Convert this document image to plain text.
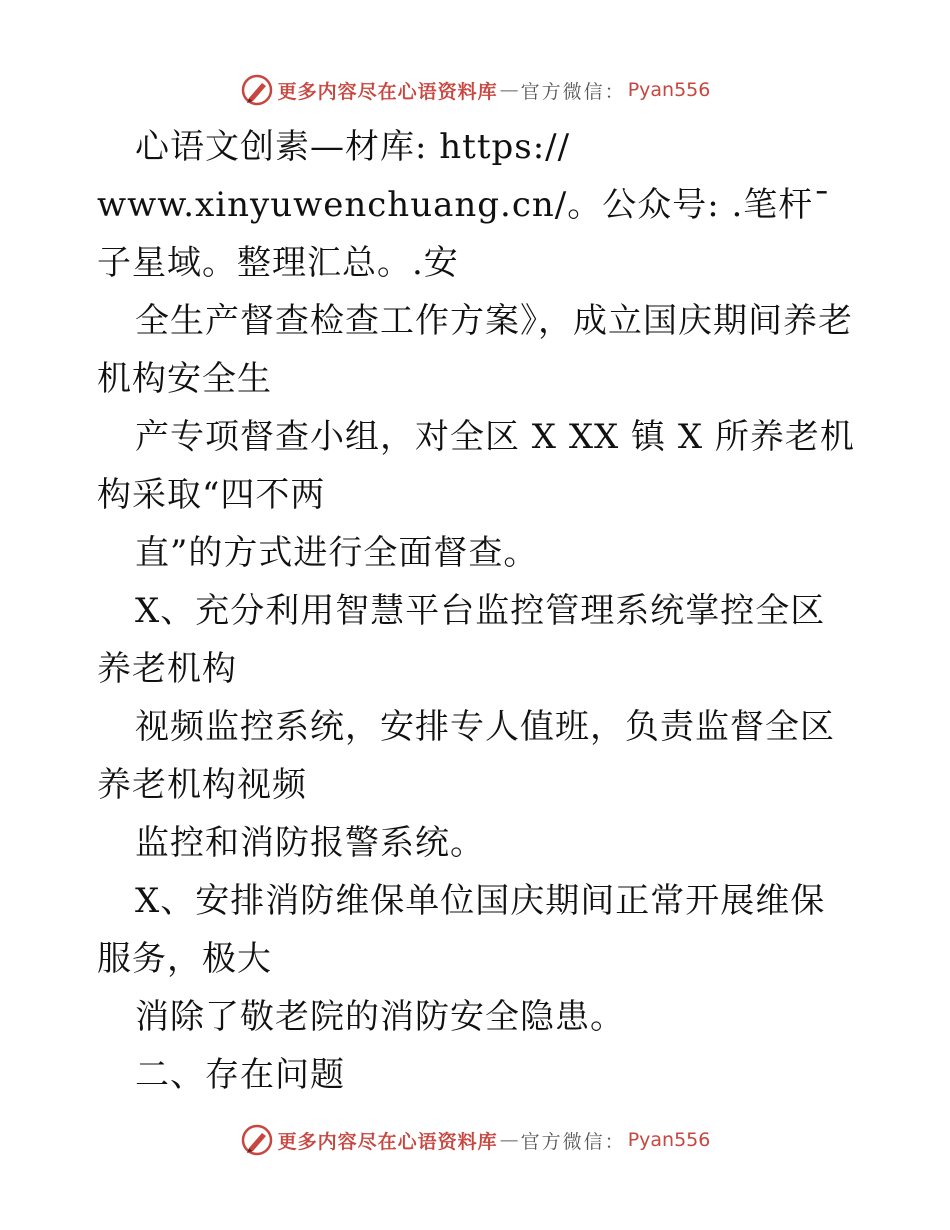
更多内容尽在心语资料库 — 官方微信： Pyan556

心语文创素—材库: https://

www.xinyuwenchuang.cn/。公众号: .笔杆¯子星域。整理汇总。.安

全生产督查检查工作方案》，成立国庆期间养老机构安全生

产专项督查小组，对全区 X XX 镇 X 所养老机构采取“四不两

直”的方式进行全面督查。

X、充分利用智慧平台监控管理系统掌控全区养老机构

视频监控系统，安排专人值班，负责监督全区养老机构视频

监控和消防报警系统。

X、安排消防维保单位国庆期间正常开展维保服务，极大

消除了敬老院的消防安全隐患。

二、存在问题

更多内容尽在心语资料库 — 官方微信： Pyan556
